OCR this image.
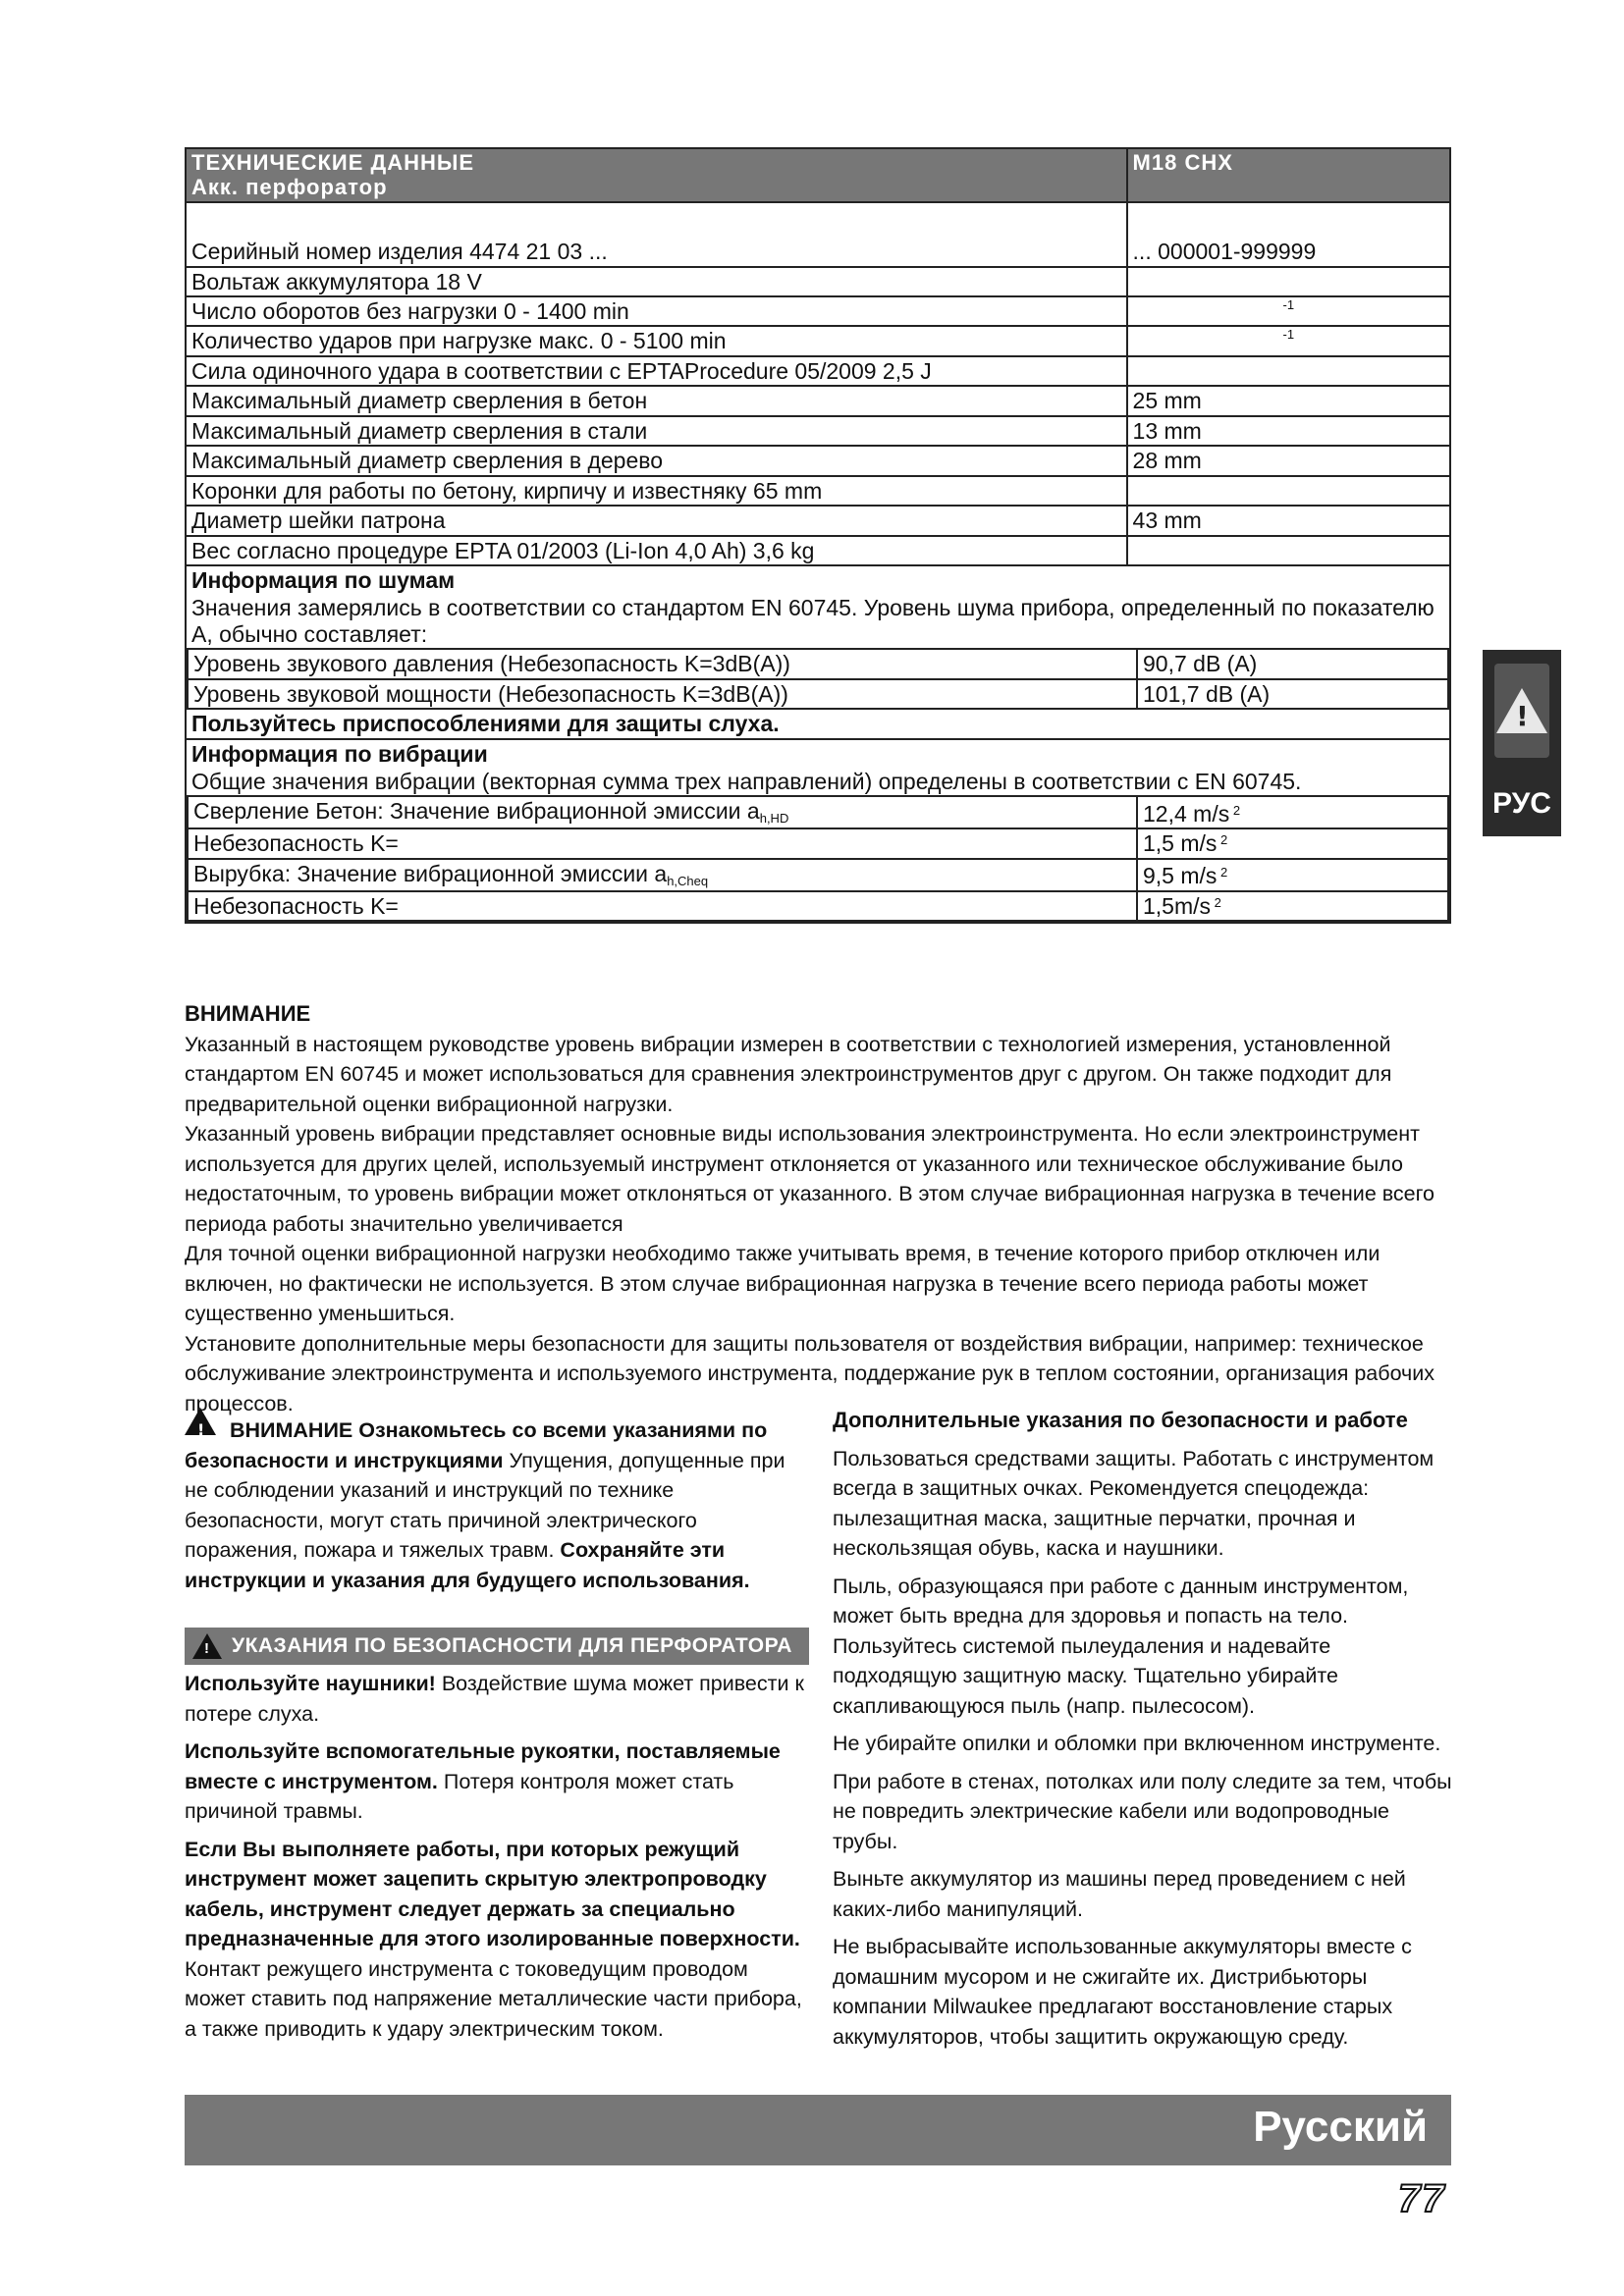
ТЕХНИЧЕСКИЕ ДАННЫЕ
Акк. перфоратор
	M18 CHX
Серийный номер изделия 4474 21 03 ...	... 000001-999999
Вольтаж аккумулятора 18 V	
Число оборотов без нагрузки 0 - 1400 min	-1
Количество ударов при нагрузке макс. 0 - 5100 min	-1
Сила одиночного удара в соответствии с EPTAProcedure 05/2009 2,5 J	
Максимальный диаметр сверления в бетон	25 mm
Максимальный диаметр сверления в стали	13 mm
Максимальный диаметр сверления в дерево	28 mm
Коронки для работы по бетону, кирпичу и известняку 65 mm	
Диаметр шейки патрона	43 mm
Вес согласно процедуре EPTA 01/2003 (Li-Ion 4,0 Ah) 3,6 kg	

Информация по шумам
Значения замерялись в соответствии со стандартом EN 60745. Уровень шума прибора, определенный по показателю A, обычно составляет:
Уровень звукового давления (Небезопасность K=3dB(A))	90,7 dB (A)
Уровень звуковой мощности (Небезопасность K=3dB(A))	101,7 dB (A)
Пользуйтесь приспособлениями для защиты слуха.

Информация по вибрации
Общие значения вибрации (векторная сумма трех направлений) определены в соответствии с EN 60745.
Сверление Бетон: Значение вибрационной эмиссии $a_{h,HD}$	12,4 m/s $^2$
Небезопасность K=	1,5 m/s $^2$
Вырубка: Значение вибрационной эмиссии $a_{h,Cheq}$	9,5 m/s $^2$
Небезопасность K=	1,5m/s $^2$

ВНИМАНИЕ

Указанный в настоящем руководстве уровень вибрации измерен в соответствии с технологией измерения, установленной стандартом EN 60745 и может использоваться для сравнения электроинструментов друг с другом. Он также подходит для предварительной оценки вибрационной нагрузки.

Указанный уровень вибрации представляет основные виды использования электроинструмента. Но если электроинструмент используется для других целей, используемый инструмент отклоняется от указанного или техническое обслуживание было недостаточным, то уровень вибрации может отклоняться от указанного. В этом случае вибрационная нагрузка в течение всего периода работы значительно увеличивается

Для точной оценки вибрационной нагрузки необходимо также учитывать время, в течение которого прибор отключен или включен, но фактически не используется. В этом случае вибрационная нагрузка в течение всего периода работы может существенно уменьшиться.

Установите дополнительные меры безопасности для защиты пользователя от воздействия вибрации, например: техническое обслуживание электроинструмента и используемого инструмента, поддержание рук в теплом состоянии, организация рабочих процессов.

! ВНИМАНИЕ Ознакомьтесь со всеми указаниями по безопасности и инструкциями Упущения, допущенные при не соблюдении указаний и инструкций по технике безопасности, могут стать причиной электрического поражения, пожара и тяжелых травм. Сохраняйте эти инструкции и указания для будущего использования.

!
УКАЗАНИЯ ПО БЕЗОПАСНОСТИ ДЛЯ ПЕРФОРАТОРА

Используйте наушники! Воздействие шума может привести к потере слуха.

Используйте вспомогательные рукоятки, поставляемые вместе с инструментом. Потеря контроля может стать причиной травмы.

Если Вы выполняете работы, при которых режущий инструмент может зацепить скрытую электропроводку кабель, инструмент следует держать за специально предназначенные для этого изолированные поверхности. Контакт режущего инструмента с токоведущим проводом может ставить под напряжение металлические части прибора, а также приводить к удару электрическим током.

Дополнительные указания по безопасности и работе

Пользоваться средствами защиты. Работать с инструментом всегда в защитных очках. Рекомендуется спецодежда: пылезащитная маска, защитные перчатки, прочная и нескользящая обувь, каска и наушники.

Пыль, образующаяся при работе с данным инструментом, может быть вредна для здоровья и попасть на тело. Пользуйтесь системой пылеудаления и надевайте подходящую защитную маску. Тщательно убирайте скапливающуюся пыль (напр. пылесосом).

Не убирайте опилки и обломки при включенном инструменте.

При работе в стенах, потолках или полу следите за тем, чтобы не повредить электрические кабели или водопроводные трубы.

Выньте аккумулятор из машины перед проведением с ней каких-либо манипуляций.

Не выбрасывайте использованные аккумуляторы вместе с домашним мусором и не сжигайте их. Дистрибьюторы компании Milwaukee предлагают восстановление старых аккумуляторов, чтобы защитить окружающую среду.

!
РУС
Русский
77
